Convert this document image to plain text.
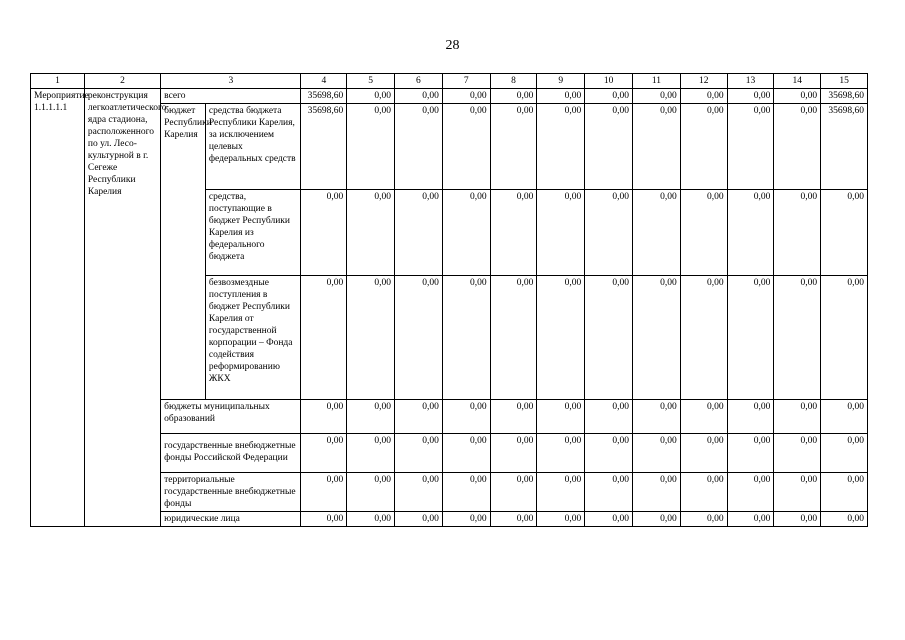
28
1	2	3		4	5	6	7	8	9	10	11	12	13	14	15
Мероприятие 1.1.1.1.1	реконструкция легкоатлетического ядра стадиона, расположенного по ул. Лесо-культурной в г. Сегеже Республики Карелия	всего		35698,60	0,00	0,00	0,00	0,00	0,00	0,00	0,00	0,00	0,00	0,00	35698,60
		бюджет Республики Карелия	средства бюджета Республики Карелия, за исключением целевых федеральных средств	35698,60	0,00	0,00	0,00	0,00	0,00	0,00	0,00	0,00	0,00	0,00	35698,60
			средства, поступающие в бюджет Республики Карелия из федерального бюджета	0,00	0,00	0,00	0,00	0,00	0,00	0,00	0,00	0,00	0,00	0,00	0,00
			безвозмездные поступления в бюджет Республики Карелия от государственной корпорации – Фонда содействия реформированию ЖКХ	0,00	0,00	0,00	0,00	0,00	0,00	0,00	0,00	0,00	0,00	0,00	0,00
		бюджеты муниципальных образований		0,00	0,00	0,00	0,00	0,00	0,00	0,00	0,00	0,00	0,00	0,00	0,00
		государственные внебюджетные фонды Российской Федерации		0,00	0,00	0,00	0,00	0,00	0,00	0,00	0,00	0,00	0,00	0,00	0,00
		территориальные государственные внебюджетные фонды		0,00	0,00	0,00	0,00	0,00	0,00	0,00	0,00	0,00	0,00	0,00	0,00
		юридические лица		0,00	0,00	0,00	0,00	0,00	0,00	0,00	0,00	0,00	0,00	0,00	0,00
